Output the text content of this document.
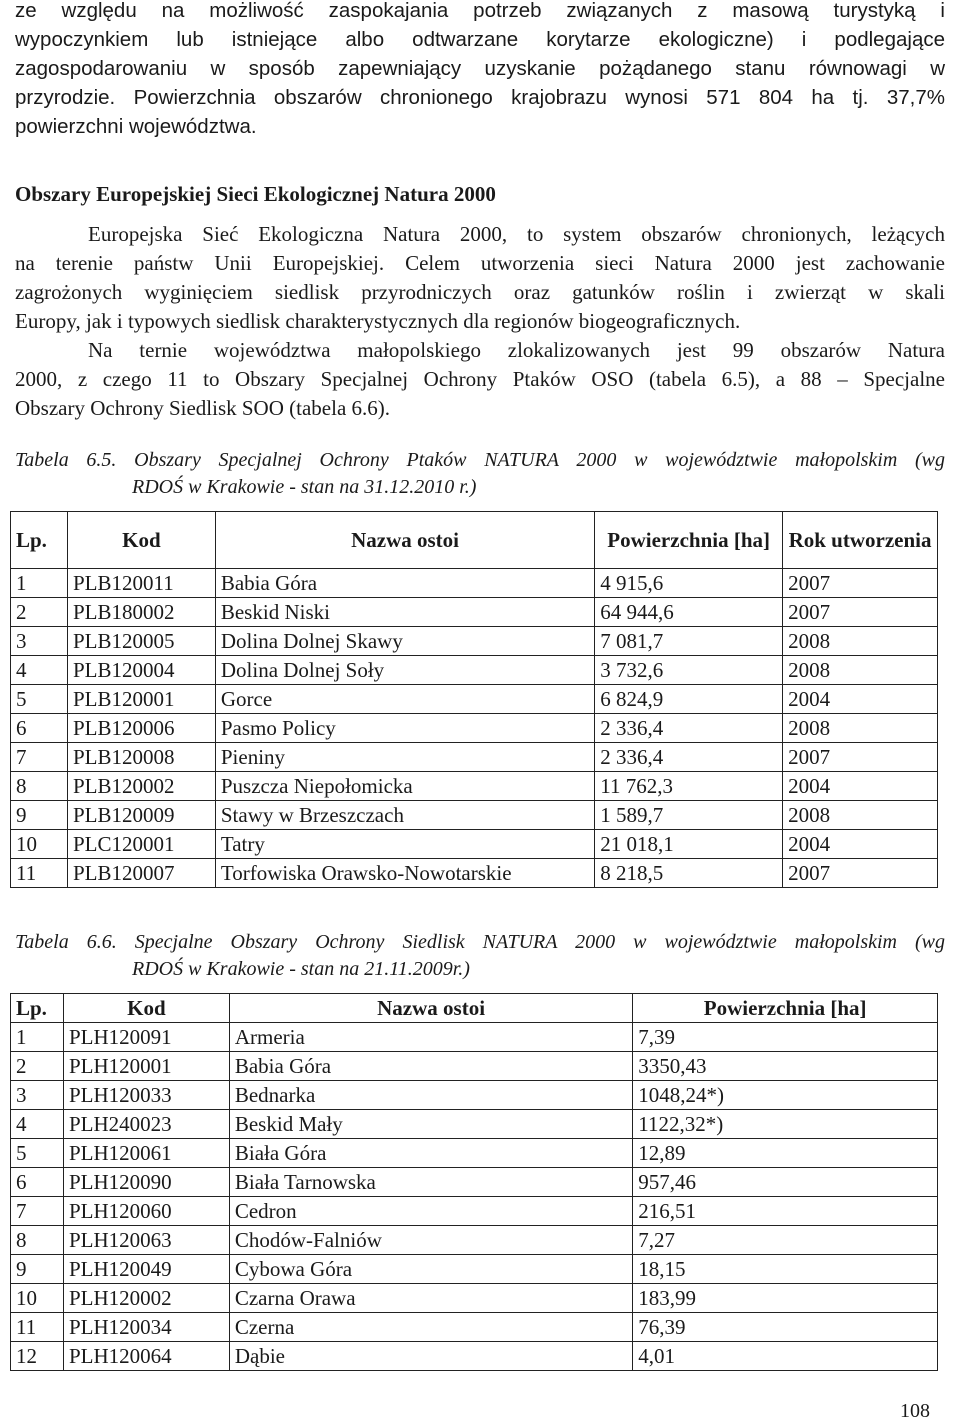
ze względu na możliwość zaspokajania potrzeb związanych z masową turystyką i
wypoczynkiem lub istniejące albo odtwarzane korytarze ekologiczne) i podlegające
zagospodarowaniu w sposób zapewniający uzyskanie pożądanego stanu równowagi w
przyrodzie. Powierzchnia obszarów chronionego krajobrazu wynosi 571 804 ha tj. 37,7%
powierzchni województwa.
Obszary Europejskiej Sieci Ekologicznej Natura 2000
Europejska Sieć Ekologiczna Natura 2000, to system obszarów chronionych, leżących
na terenie państw Unii Europejskiej. Celem utworzenia sieci Natura 2000 jest zachowanie
zagrożonych wyginięciem siedlisk przyrodniczych oraz gatunków roślin i zwierząt w skali
Europy, jak i typowych siedlisk charakterystycznych dla regionów biogeograficznych.
Na ternie województwa małopolskiego zlokalizowanych jest 99 obszarów Natura
2000, z czego 11 to Obszary Specjalnej Ochrony Ptaków OSO (tabela 6.5), a 88 – Specjalne
Obszary Ochrony Siedlisk SOO (tabela 6.6).
Tabela 6.5. Obszary Specjalnej Ochrony Ptaków NATURA 2000 w województwie małopolskim (wg
RDOŚ w Krakowie - stan na 31.12.2010 r.)
Tabela 6.6. Specjalne Obszary Ochrony Siedlisk NATURA 2000 w województwie małopolskim (wg
RDOŚ w Krakowie - stan na 21.11.2009r.)
108
Lp.	Kod	Nazwa ostoi	Powierzchnia [ha]	Rok utworzenia
1	PLB120011	Babia Góra	4 915,6	2007
2	PLB180002	Beskid Niski	64 944,6	2007
3	PLB120005	Dolina Dolnej Skawy	7 081,7	2008
4	PLB120004	Dolina Dolnej Soły	3 732,6	2008
5	PLB120001	Gorce	6 824,9	2004
6	PLB120006	Pasmo Policy	2 336,4	2008
7	PLB120008	Pieniny	2 336,4	2007
8	PLB120002	Puszcza Niepołomicka	11 762,3	2004
9	PLB120009	Stawy w Brzeszczach	1 589,7	2008
10	PLC120001	Tatry	21 018,1	2004
11	PLB120007	Torfowiska Orawsko-Nowotarskie	8 218,5	2007
Lp.	Kod	Nazwa ostoi	Powierzchnia [ha]
1	PLH120091	Armeria	7,39
2	PLH120001	Babia Góra	3350,43
3	PLH120033	Bednarka	1048,24*)
4	PLH240023	Beskid Mały	1122,32*)
5	PLH120061	Biała Góra	12,89
6	PLH120090	Biała Tarnowska	957,46
7	PLH120060	Cedron	216,51
8	PLH120063	Chodów-Falniów	7,27
9	PLH120049	Cybowa Góra	18,15
10	PLH120002	Czarna Orawa	183,99
11	PLH120034	Czerna	76,39
12	PLH120064	Dąbie	4,01
